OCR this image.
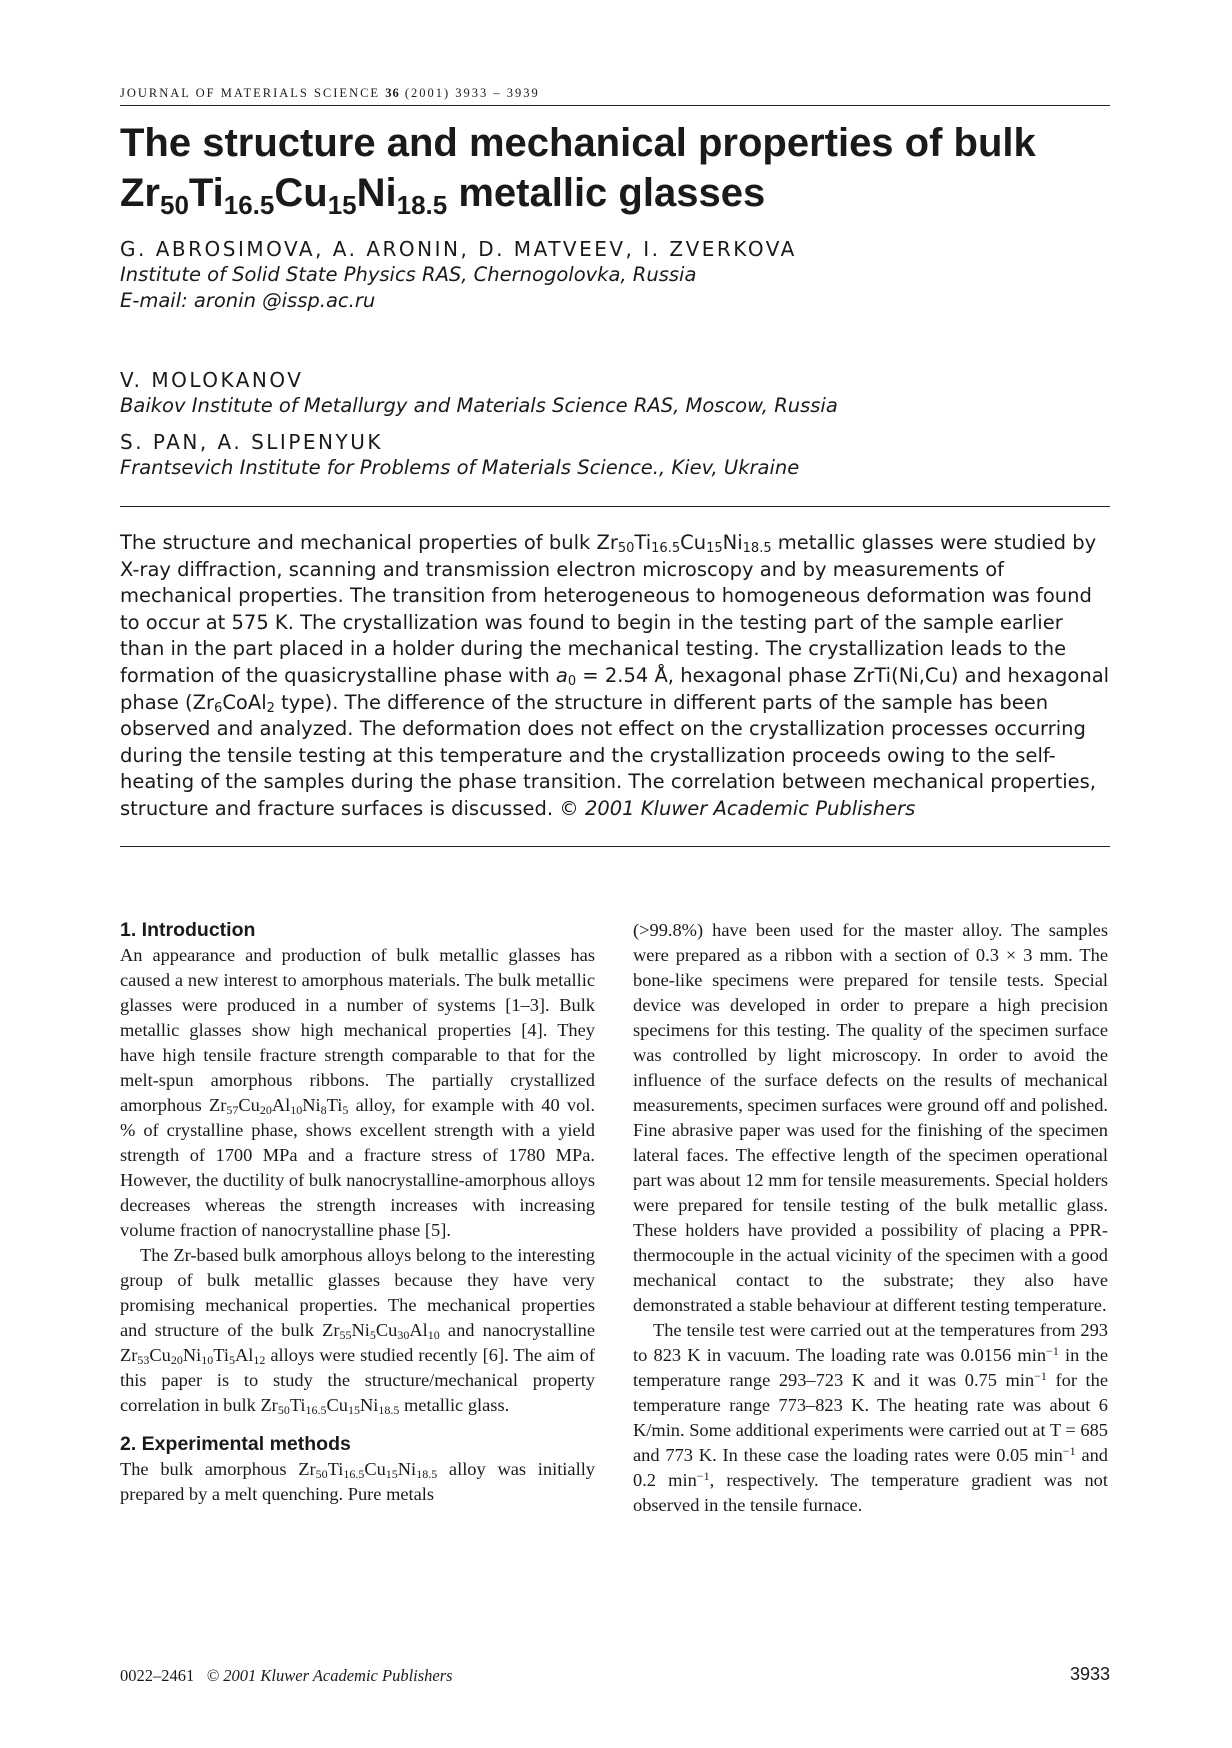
JOURNAL OF MATERIALS SCIENCE 36 (2001) 3933 – 3939
The structure and mechanical properties of bulk
$Zr_{50}Ti_{16.5}Cu_{15}Ni_{18.5}$ metallic glasses
G. ABROSIMOVA, A. ARONIN, D. MATVEEV, I. ZVERKOVA
Institute of Solid State Physics RAS, Chernogolovka, Russia
E-mail: aronin @issp.ac.ru
V. MOLOKANOV
Baikov Institute of Metallurgy and Materials Science RAS, Moscow, Russia
S. PAN, A. SLIPENYUK
Frantsevich Institute for Problems of Materials Science., Kiev, Ukraine
The structure and mechanical properties of bulk $Zr_{50}Ti_{16.5}Cu_{15}Ni_{18.5}$ metallic glasses were studied by X-ray diffraction, scanning and transmission electron microscopy and by measurements of mechanical properties. The transition from heterogeneous to homogeneous deformation was found to occur at 575 K. The crystallization was found to begin in the testing part of the sample earlier than in the part placed in a holder during the mechanical testing. The crystallization leads to the formation of the quasicrystalline phase with $a_0 = 2.54$ Å, hexagonal phase ZrTi(Ni,Cu) and hexagonal phase ($Zr_6CoAl_2$ type). The difference of the structure in different parts of the sample has been observed and analyzed. The deformation does not effect on the crystallization processes occurring during the tensile testing at this temperature and the crystallization proceeds owing to the self-heating of the samples during the phase transition. The correlation between mechanical properties, structure and fracture surfaces is discussed. © 2001 Kluwer Academic Publishers
1. Introduction

An appearance and production of bulk metallic glasses has caused a new interest to amorphous materials. The bulk metallic glasses were produced in a number of systems [1–3]. Bulk metallic glasses show high mechanical properties [4]. They have high tensile fracture strength comparable to that for the melt-spun amorphous ribbons. The partially crystallized amorphous $Zr_{57}Cu_{20}Al_{10}Ni_8Ti_5$ alloy, for example with 40 vol. % of crystalline phase, shows excellent strength with a yield strength of 1700 MPa and a fracture stress of 1780 MPa. However, the ductility of bulk nanocrystalline-amorphous alloys decreases whereas the strength increases with increasing volume fraction of nanocrystalline phase [5].

The Zr-based bulk amorphous alloys belong to the interesting group of bulk metallic glasses because they have very promising mechanical properties. The mechanical properties and structure of the bulk $Zr_{55}Ni_5Cu_{30}Al_{10}$ and nanocrystalline $Zr_{53}Cu_{20}Ni_{10}Ti_5Al_{12}$ alloys were studied recently [6]. The aim of this paper is to study the structure/mechanical property correlation in bulk $Zr_{50}Ti_{16.5}Cu_{15}Ni_{18.5}$ metallic glass.

2. Experimental methods

The bulk amorphous $Zr_{50}Ti_{16.5}Cu_{15}Ni_{18.5}$ alloy was initially prepared by a melt quenching. Pure metals

(>99.8%) have been used for the master alloy. The samples were prepared as a ribbon with a section of 0.3 × 3 mm. The bone-like specimens were prepared for tensile tests. Special device was developed in order to prepare a high precision specimens for this testing. The quality of the specimen surface was controlled by light microscopy. In order to avoid the influence of the surface defects on the results of mechanical measurements, specimen surfaces were ground off and polished. Fine abrasive paper was used for the finishing of the specimen lateral faces. The effective length of the specimen operational part was about 12 mm for tensile measurements. Special holders were prepared for tensile testing of the bulk metallic glass. These holders have provided a possibility of placing a PPR-thermocouple in the actual vicinity of the specimen with a good mechanical contact to the substrate; they also have demonstrated a stable behaviour at different testing temperature.

The tensile test were carried out at the temperatures from 293 to 823 K in vacuum. The loading rate was 0.0156 $\min^{-1}$ in the temperature range 293–723 K and it was 0.75 $\min^{-1}$ for the temperature range 773–823 K. The heating rate was about 6 K/min. Some additional experiments were carried out at T = 685 and 773 K. In these case the loading rates were 0.05 $\min^{-1}$ and 0.2 $\min^{-1}$, respectively. The temperature gradient was not observed in the tensile furnace.

0022–2461 © 2001 Kluwer Academic Publishers	3933
